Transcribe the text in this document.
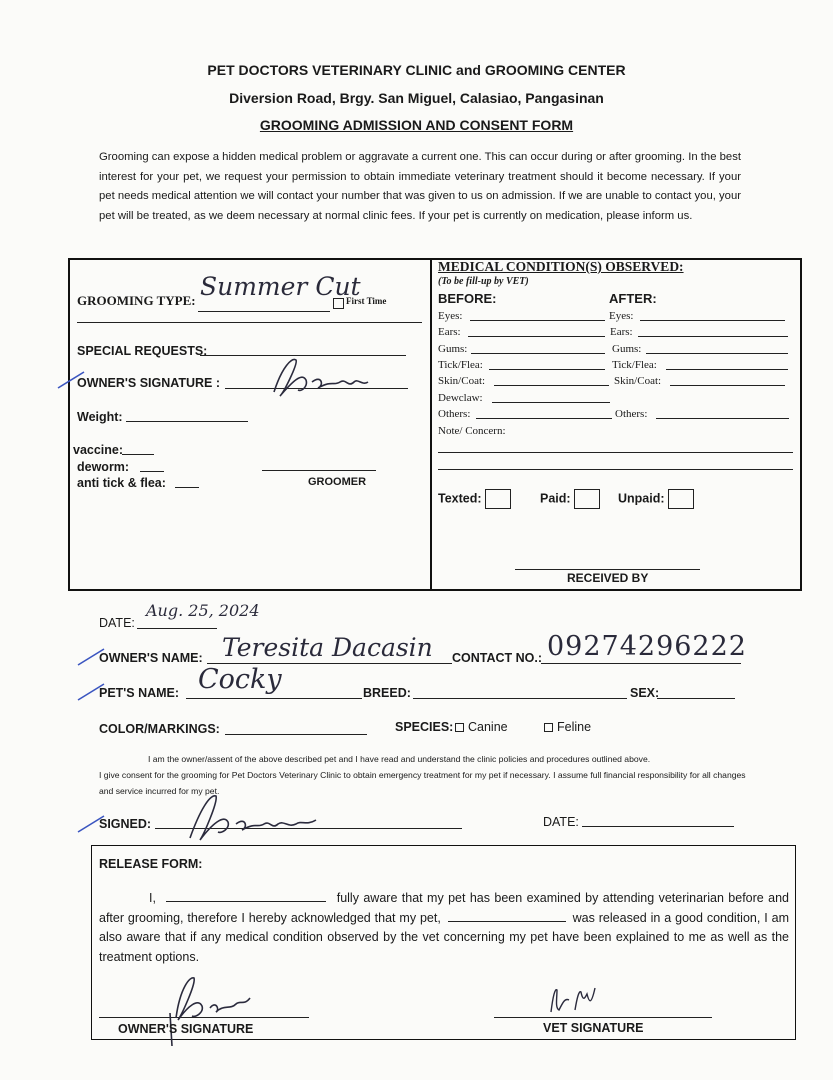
PET DOCTORS VETERINARY CLINIC and GROOMING CENTER
Diversion Road, Brgy. San Miguel, Calasiao, Pangasinan
GROOMING ADMISSION AND CONSENT FORM
Grooming can expose a hidden medical problem or aggravate a current one. This can occur during or after grooming. In the best interest for your pet, we request your permission to obtain immediate veterinary treatment should it become necessary. If your pet needs medical attention we will contact your number that was given to us on admission. If we are unable to contact you, your pet will be treated, as we deem necessary at normal clinic fees. If your pet is currently on medication, please inform us.
GROOMING TYPE: Summer Cut
First Time
SPECIAL REQUESTS:
OWNER'S SIGNATURE :
Weight:
vaccine:
deworm:
anti tick & flea:	GROOMER
MEDICAL CONDITION(S) OBSERVED:
(To be fill-up by VET)
BEFORE:	AFTER:
Eyes:	Eyes:
Ears:	Ears:
Gums:	Gums:
Tick/Flea:	Tick/Flea:
Skin/Coat:	Skin/Coat:
Dewclaw:
Others:	Others:
Note/ Concern:
Texted:	Paid:	Unpaid:
RECEIVED BY
DATE:
Aug. 25, 2024
OWNER'S NAME: Teresita Dacasin CONTACT NO.: 09274296222
PET'S NAME: Cocky	BREED:	SEX:
COLOR/MARKINGS:	SPECIES:	Canine	Feline
I am the owner/assent of the above described pet and I have read and understand the clinic policies and procedures outlined above.
I give consent for the grooming for Pet Doctors Veterinary Clinic to obtain emergency treatment for my pet if necessary. I assume full financial responsibility for all changes and service incurred for my pet.
SIGNED:	DATE:
RELEASE FORM:
I,	fully aware that my pet has been examined by attending veterinarian before and after grooming, therefore I hereby acknowledged that my pet,	was released in a good condition, I am also aware that if any medical condition observed by the vet concerning my pet have been explained to me as well as the treatment options.
OWNER'S SIGNATURE	VET SIGNATURE
